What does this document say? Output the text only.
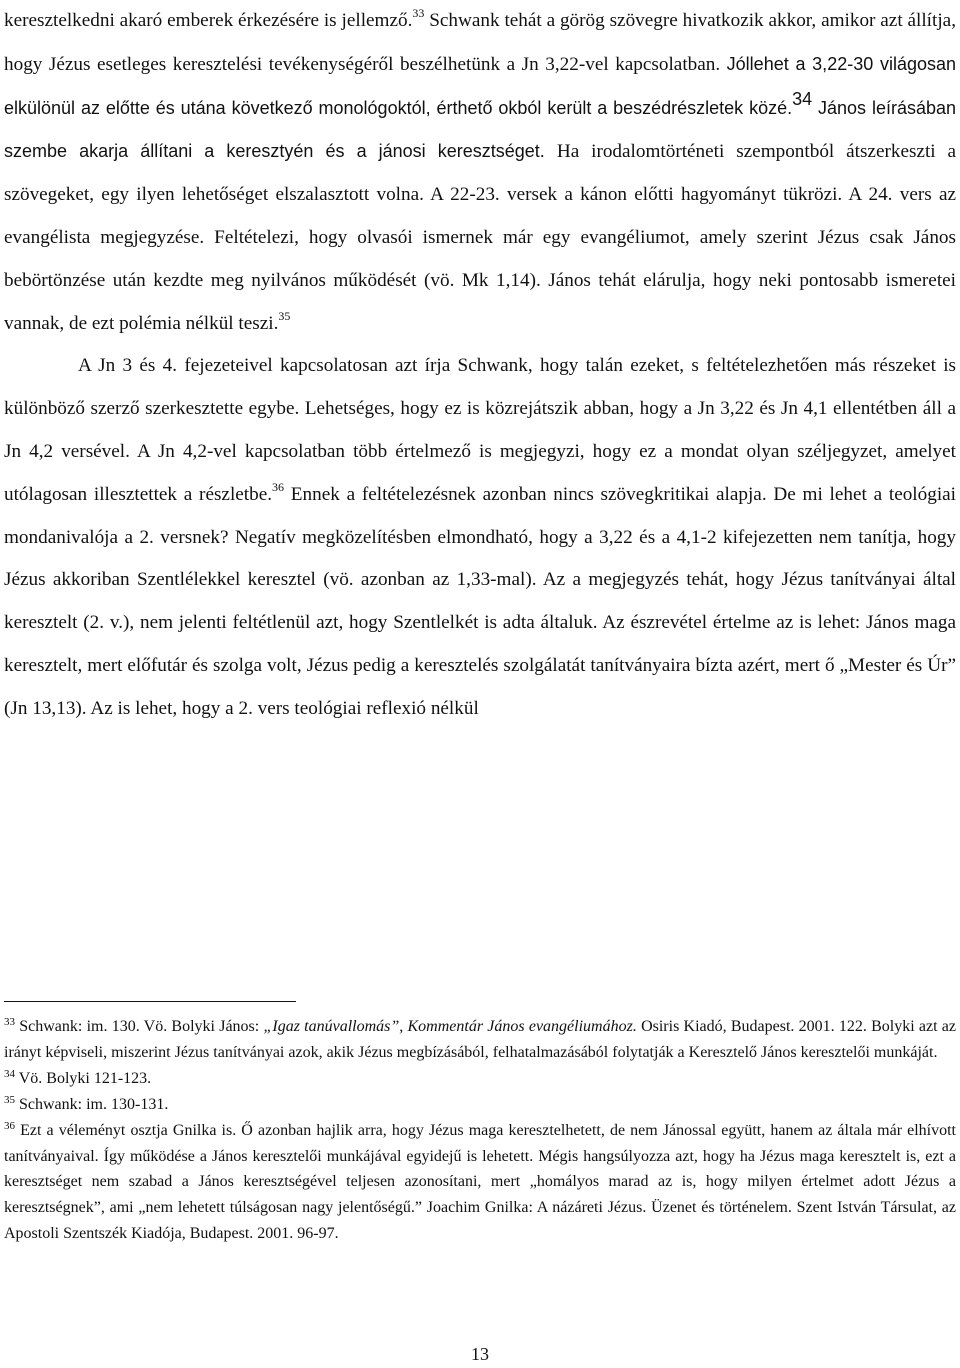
keresztelkedni akaró emberek érkezésére is jellemző.$^{33}$ Schwank tehát a görög szövegre hivatkozik akkor, amikor azt állítja, hogy Jézus esetleges keresztelési tevékenységéről beszélhetünk a Jn 3,22-vel kapcsolatban. Jóllehet a 3,22-30 világosan elkülönül az előtte és utána következő monológoktól, érthető okból került a beszédrészletek közé.$^{34}$ János leírásában szembe akarja állítani a keresztyén és a jánosi keresztséget. Ha irodalomtörténeti szempontból átszerkeszti a szövegeket, egy ilyen lehetőséget elszalasztott volna. A 22-23. versek a kánon előtti hagyományt tükrözi. A 24. vers az evangélista megjegyzése. Feltételezi, hogy olvasói ismernek már egy evangéliumot, amely szerint Jézus csak János bebörtönzése után kezdte meg nyilvános működését (vö. Mk 1,14). János tehát elárulja, hogy neki pontosabb ismeretei vannak, de ezt polémia nélkül teszi.$^{35}$

A Jn 3 és 4. fejezeteivel kapcsolatosan azt írja Schwank, hogy talán ezeket, s feltételezhetően más részeket is különböző szerző szerkesztette egybe. Lehetséges, hogy ez is közrejátszik abban, hogy a Jn 3,22 és Jn 4,1 ellentétben áll a Jn 4,2 versével. A Jn 4,2-vel kapcsolatban több értelmező is megjegyzi, hogy ez a mondat olyan széljegyzet, amelyet utólagosan illesztettek a részletbe.$^{36}$ Ennek a feltételezésnek azonban nincs szövegkritikai alapja. De mi lehet a teológiai mondanivalója a 2. versnek? Negatív megközelítésben elmondható, hogy a 3,22 és a 4,1-2 kifejezetten nem tanítja, hogy Jézus akkoriban Szentlélekkel keresztel (vö. azonban az 1,33-mal). Az a megjegyzés tehát, hogy Jézus tanítványai által keresztelt (2. v.), nem jelenti feltétlenül azt, hogy Szentlelkét is adta általuk. Az észrevétel értelme az is lehet: János maga keresztelt, mert előfutár és szolga volt, Jézus pedig a keresztelés szolgálatát tanítványaira bízta azért, mert ő „Mester és Úr” (Jn 13,13). Az is lehet, hogy a 2. vers teológiai reflexió nélkül

$^{33}$ Schwank: im. 130. Vö. Bolyki János: „Igaz tanúvallomás”, Kommentár János evangéliumához. Osiris Kiadó, Budapest. 2001. 122. Bolyki azt az irányt képviseli, miszerint Jézus tanítványai azok, akik Jézus megbízásából, felhatalmazásából folytatják a Keresztelő János keresztelői munkáját.

$^{34}$ Vö. Bolyki 121-123.

$^{35}$ Schwank: im. 130-131.

$^{36}$ Ezt a véleményt osztja Gnilka is. Ő azonban hajlik arra, hogy Jézus maga keresztelhetett, de nem Jánossal együtt, hanem az általa már elhívott tanítványaival. Így működése a János keresztelői munkájával egyidejű is lehetett. Mégis hangsúlyozza azt, hogy ha Jézus maga keresztelt is, ezt a keresztséget nem szabad a János keresztségével teljesen azonosítani, mert „homályos marad az is, hogy milyen értelmet adott Jézus a keresztségnek”, ami „nem lehetett túlságosan nagy jelentőségű.” Joachim Gnilka: A názáreti Jézus. Üzenet és történelem. Szent István Társulat, az Apostoli Szentszék Kiadója, Budapest. 2001. 96-97.

13
